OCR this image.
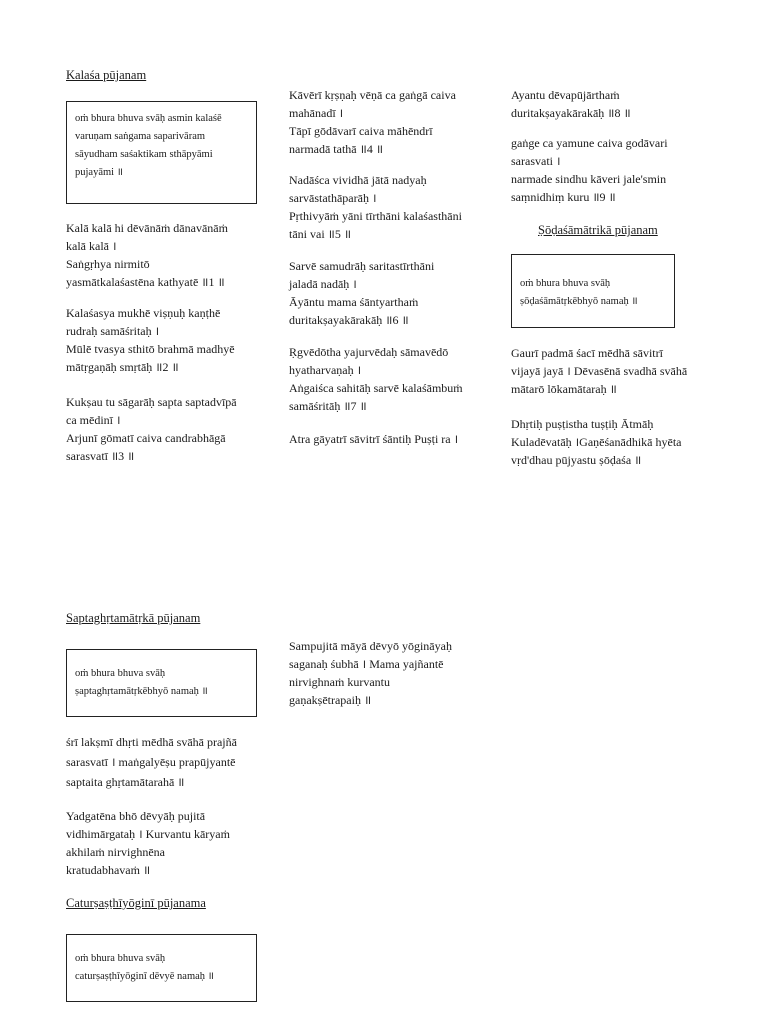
Kalaśa pūjanam
oṁ bhura bhuva svāḥ asmin kalaśē
varuṇam saṅgama saparivāram
sāyudham saśaktikam sthāpyāmi
pujayāmi ॥
Kalā kalā hi dēvānāṁ dānavānāṁ
kalā kalā ।
Saṅgṛhya nirmitō
yasmātkalaśastēna kathyatē ॥1 ॥
Kalaśasya mukhē viṣṇuḥ kaṇṭhē
rudraḥ samāśritaḥ ।
Mūlē tvasya sthitō brahmā madhyē
mātṛgaṇāḥ smṛtāḥ ॥2 ॥
Kukṣau tu sāgarāḥ sapta saptadvīpā
ca mēdinī ।
Arjunī gōmatī caiva candrabhāgā
sarasvatī ॥3 ॥
Saptaghṛtamātṛkā pūjanam
oṁ bhura bhuva svāḥ
ṣaptaghṛtamātṛkēbhyō namaḥ ॥
śrī lakṣmī dhṛti mēdhā svāhā prajñā
sarasvatī । maṅgalyēṣu prapūjyantē
saptaita ghṛtamātarahā ॥
Yadgatēna bhō dēvyāḥ pujitā
vidhimārgataḥ । Kurvantu kāryaṁ
akhilaṁ nirvighnēna
kratudabhavaṁ ॥
Caturṣaṣṭhīyōginī pūjanama
oṁ bhura bhuva svāḥ
caturṣaṣṭhīyōginī dēvyē namaḥ ॥
Kāvērī kṛṣṇaḥ vēṇā ca gaṅgā caiva
mahānadī ।
Tāpī gōdāvarī caiva māhēndrī
narmadā tathā ॥4 ॥
Nadāśca vividhā jātā nadyaḥ
sarvāstathāparāḥ ।
Pṛthivyāṁ yāni tīrthāni kalaśasthāni
tāni vai ॥5 ॥
Sarvē samudrāḥ saritastīrthāni
jaladā nadāḥ ।
Āyāntu mama śāntyarthaṁ
duritakṣayakārakāḥ ॥6 ॥
Ṛgvēdōtha yajurvēdaḥ sāmavēdō
hyatharvaṇaḥ ।
Aṅgaiśca sahitāḥ sarvē kalaśāmbuṁ
samāśritāḥ ॥7 ॥
Atra gāyatrī sāvitrī śāntiḥ Puṣṭi ra ।
Sampujitā māyā dēvyō yōgināyaḥ
saganaḥ śubhā । Mama yajñantē
nirvighnaṁ kurvantu
gaṇakṣētrapaiḥ ॥
Ayantu dēvapūjārthaṁ
duritakṣayakārakāḥ ॥8 ॥
gaṅge ca yamune caiva godāvari
sarasvati ।
narmade sindhu kāveri jale'smin
saṃnidhiṃ kuru ॥9 ॥
Ṣōḍaśāmātrikā pūjanam
oṁ bhura bhuva svāḥ
ṣōḍaśāmātṛkēbhyō namaḥ ॥
Gaurī padmā śacī mēdhā sāvitrī
vijayā jayā । Dēvasēnā svadhā svāhā
mātarō lōkamātaraḥ ॥
Dhṛtiḥ puṣṭistha tuṣṭiḥ Ātmāḥ
Kuladēvatāḥ ।Gaṇēśanādhikā hyēta
vṛd'dhau pūjyastu ṣōḍaśa ॥
